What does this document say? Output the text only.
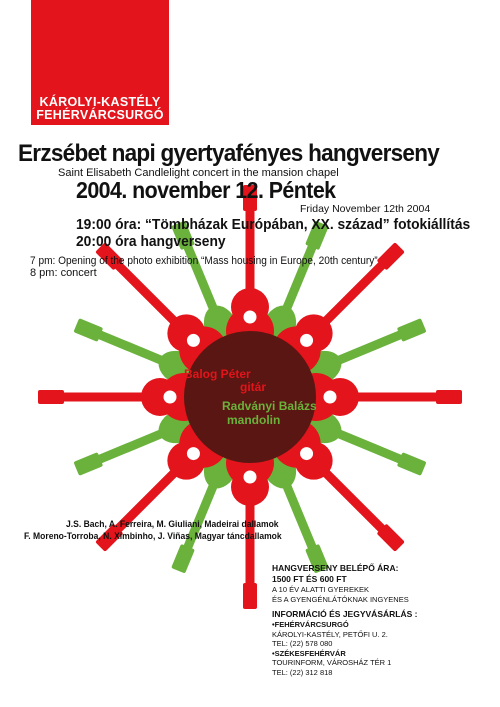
KÁROLYI-KASTÉLY
FEHÉRVÁRCSURGÓ
Erzsébet napi gyertyafényes hangverseny
Saint Elisabeth Candlelight concert in the mansion chapel
2004. november 12. Péntek
Friday November 12th 2004
19:00 óra: “Tömbházak Európában, XX. század” fotokiállítás
20:00 óra hangverseny
7 pm: Opening of the photo exhibition “Mass housing in Europe, 20th century”
8 pm: concert
Balog Péter
gitár
Radványi Balázs
mandolin
J.S. Bach, A. Ferreira, M. Giuliani, Madeirai dallamok
F. Moreno-Torroba, N. Ximbinho, J. Viñas, Magyar táncdallamok
HANGVERSENY BELÉPŐ ÁRA:
1500 FT ÉS 600 FT
A 10 ÉV ALATTI GYEREKEK
ÉS A GYENGÉNLÁTÓKNAK INGYENES
INFORMÁCIÓ ÉS JEGYVÁSÁRLÁS :
•FEHÉRVÁRCSURGÓ
KÁROLYI-KASTÉLY, PETŐFI U. 2.
TEL: (22) 578 080
•SZÉKESFEHÉRVÁR
TOURINFORM, VÁROSHÁZ TÉR 1
TEL: (22) 312 818
